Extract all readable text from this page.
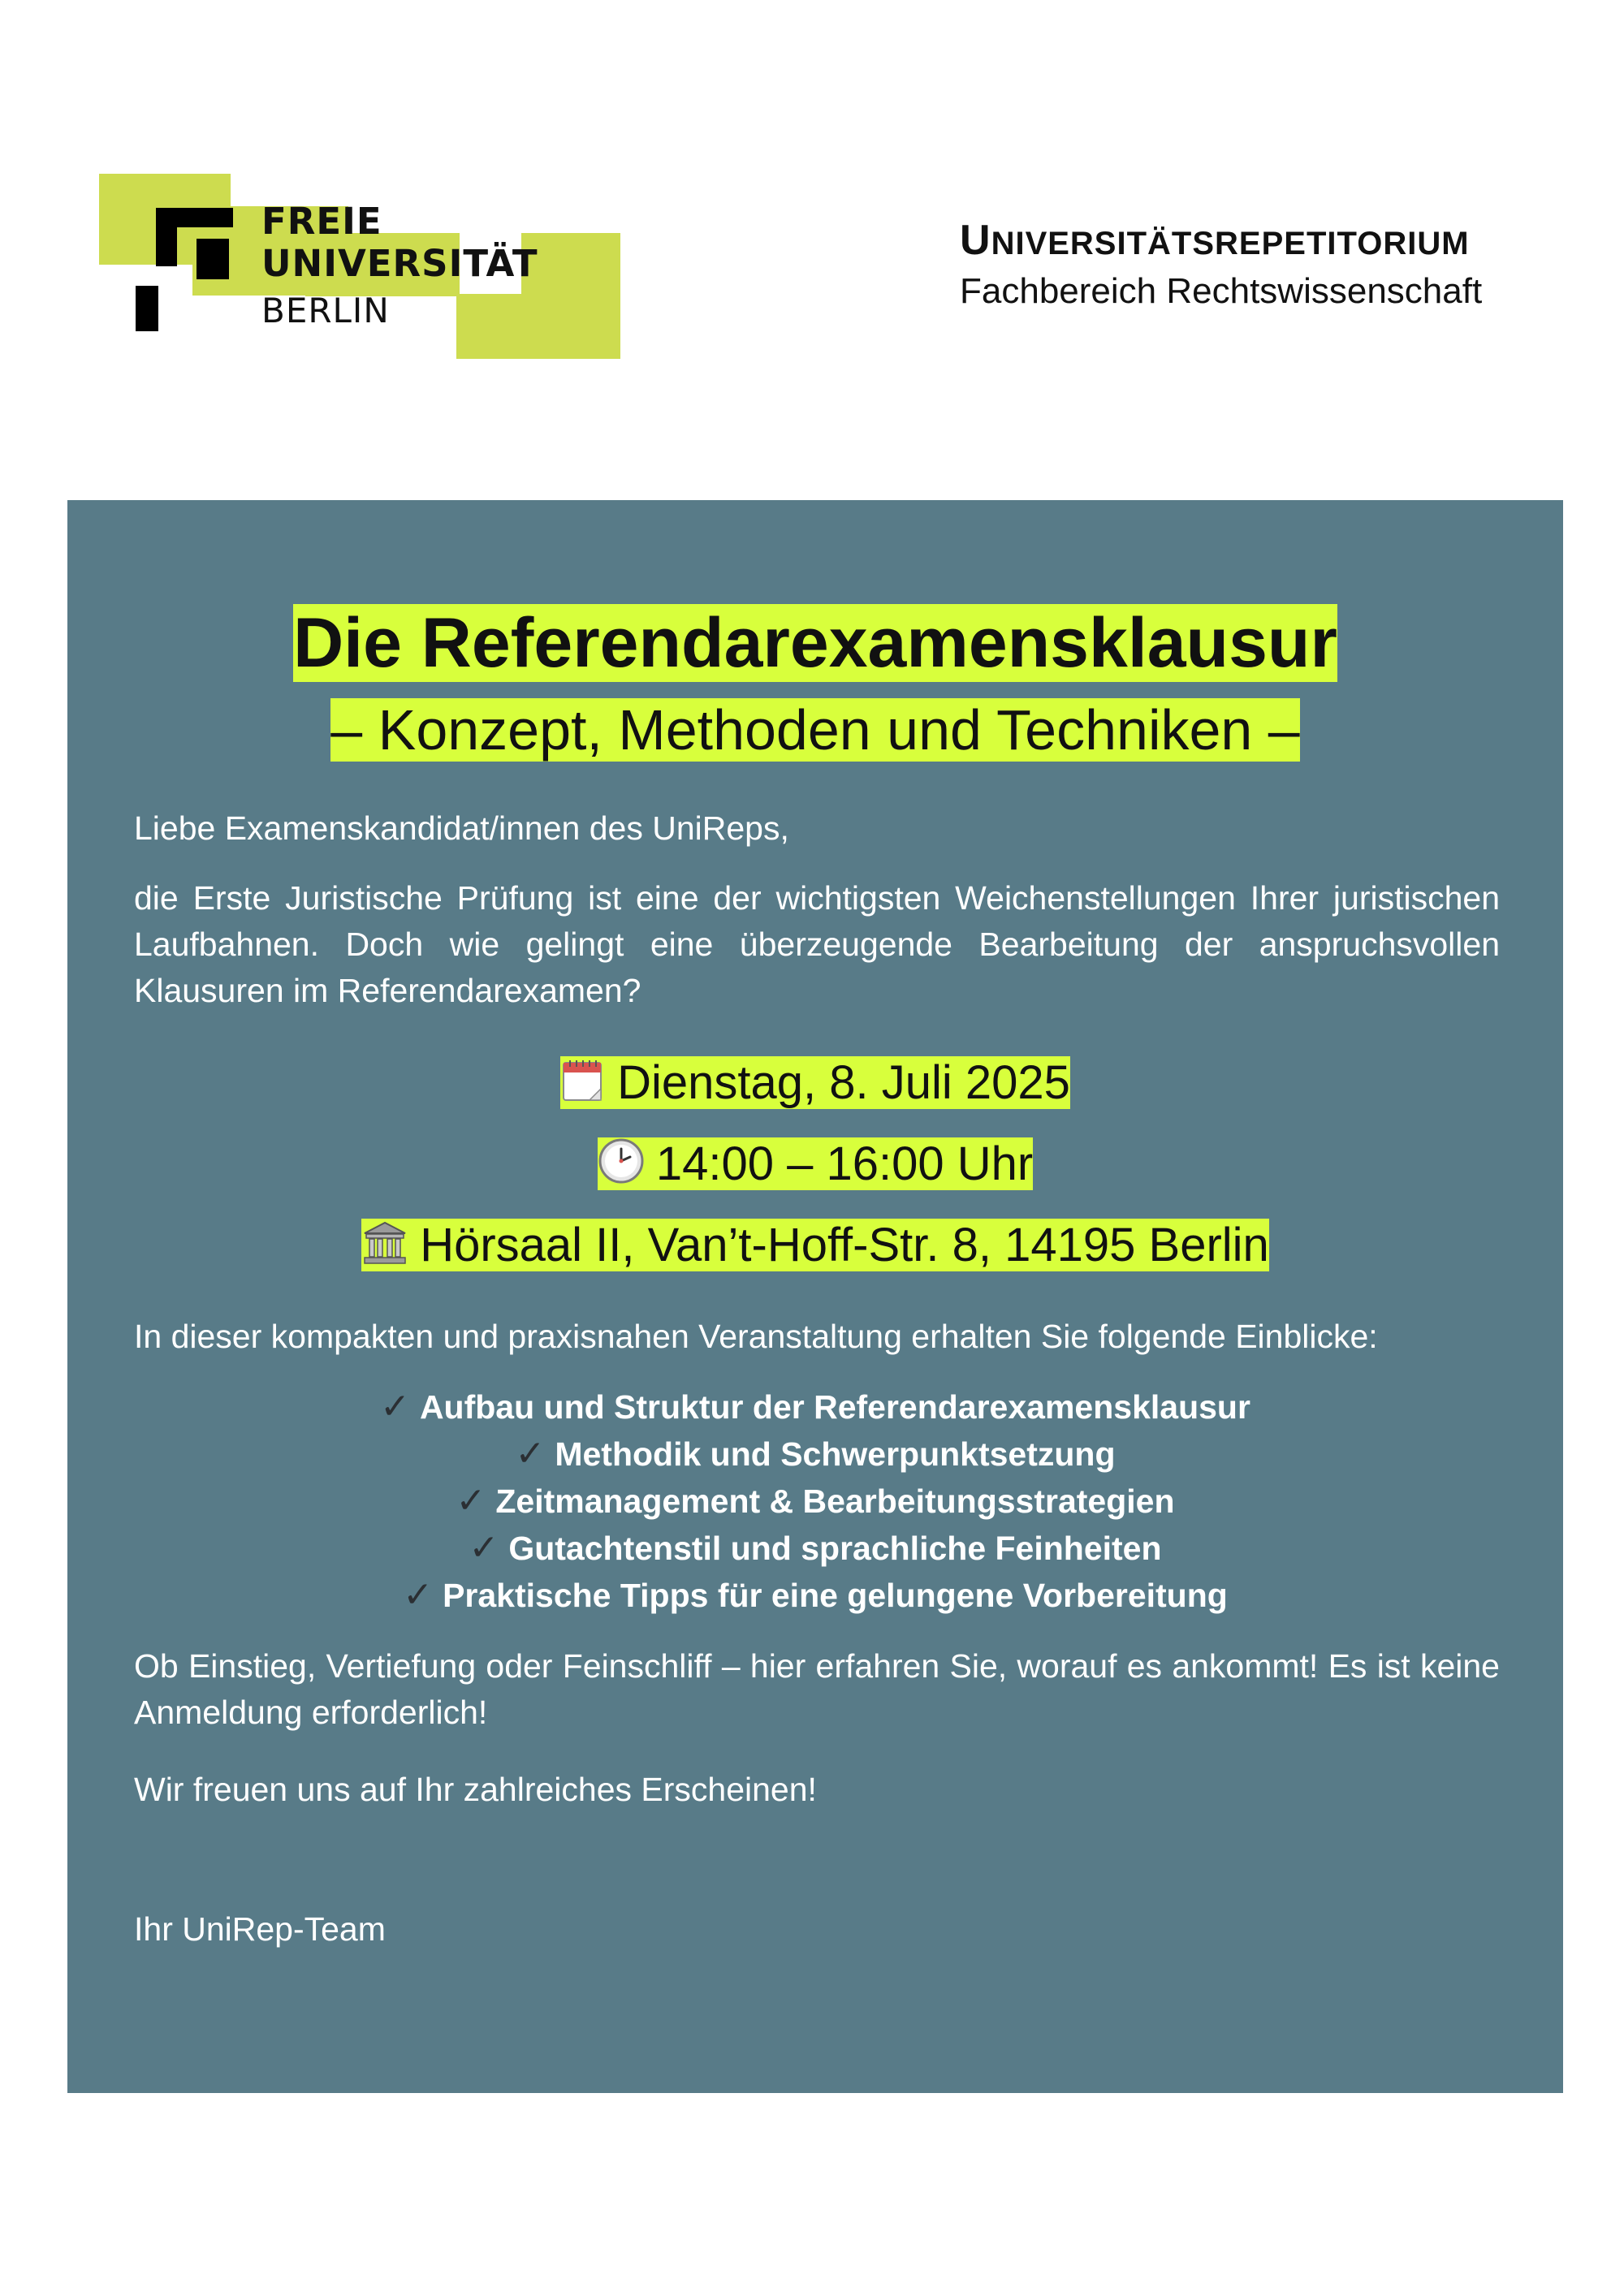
FREIE
UNIVERSITÄT
BERLIN
UNIVERSITÄTSREPETITORIUM
Fachbereich Rechtswissenschaft
Die Referendarexamensklausur
– Konzept, Methoden und Techniken –
Liebe Examenskandidat/innen des UniReps,
die Erste Juristische Prüfung ist eine der wichtigsten Weichenstellungen Ihrer juristischen Laufbahnen. Doch wie gelingt eine überzeugende Bearbeitung der anspruchsvollen Klausuren im Referendarexamen?
Dienstag, 8. Juli 2025
14:00 – 16:00 Uhr
Hörsaal II, Van’t-Hoff-Str. 8, 14195 Berlin
In dieser kompakten und praxisnahen Veranstaltung erhalten Sie folgende Einblicke:
✓ Aufbau und Struktur der Referendarexamensklausur
✓ Methodik und Schwerpunktsetzung
✓ Zeitmanagement & Bearbeitungsstrategien
✓ Gutachtenstil und sprachliche Feinheiten
✓ Praktische Tipps für eine gelungene Vorbereitung
Ob Einstieg, Vertiefung oder Feinschliff – hier erfahren Sie, worauf es ankommt! Es ist keine Anmeldung erforderlich!
Wir freuen uns auf Ihr zahlreiches Erscheinen!
Ihr UniRep-Team
